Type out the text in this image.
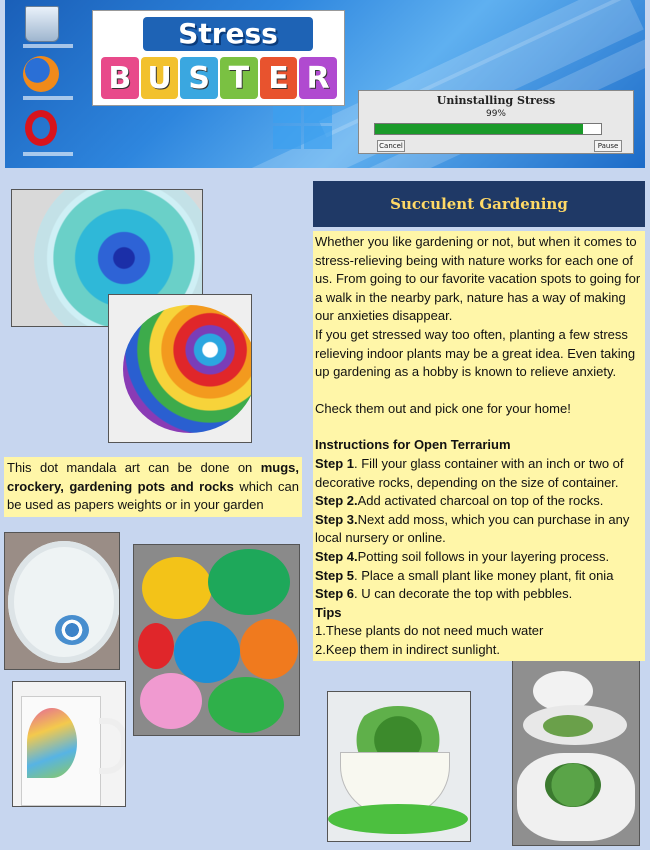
Stress
B U S T E R
Uninstalling Stress
99%
Cancel	Pause
This dot mandala art can be done on mugs, crockery, gardening pots and rocks which can be used as papers weights or in your garden
Succulent Gardening

Whether you like gardening or not, but when it comes to stress-relieving being with nature works for each one of us. From going to our favorite vacation spots to going for a walk in the nearby park, nature has a way of making our anxieties disappear.

If you get stressed way too often, planting a few stress relieving indoor plants may be a great idea. Even taking up gardening as a hobby is known to relieve anxiety.

Check them out and pick one for your home!

Instructions for Open Terrarium

Step 1. Fill your glass container with an inch or two of decorative rocks, depending on the size of container.

Step 2.Add activated charcoal on top of the rocks.

Step 3.Next add moss, which you can purchase in any local nursery or online.

Step 4.Potting soil follows in your layering process.

Step 5. Place a small plant like money plant, fit onia

Step 6. U can decorate the top with pebbles.

Tips

1.These plants do not need much water

2.Keep them in indirect sunlight.
